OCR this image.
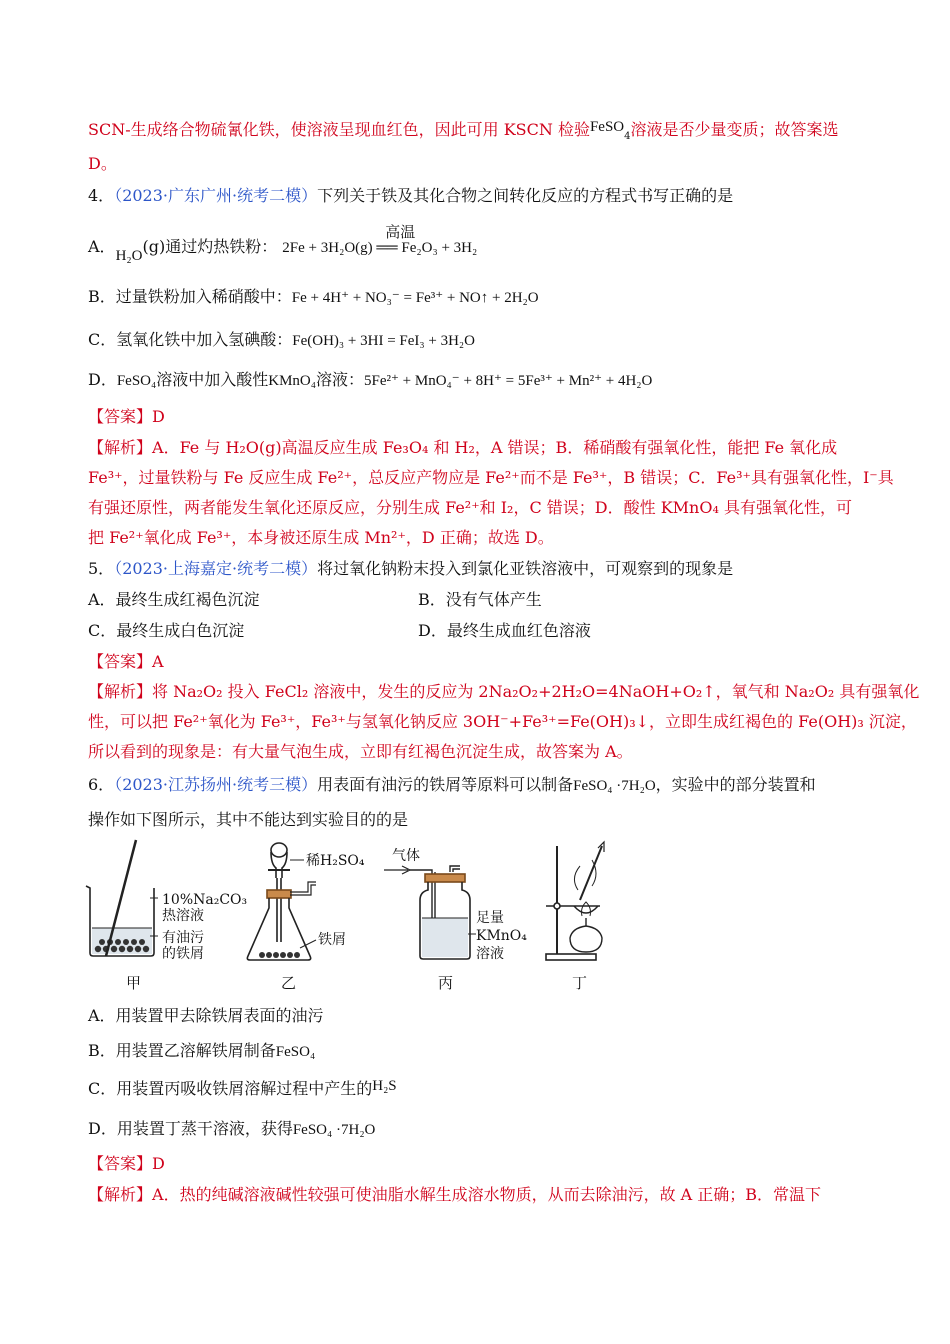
SCN-生成络合物硫氰化铁，使溶液呈现血红色，因此可用 KSCN 检验FeSO$_4$溶液是否少量变质；故答案选
D。
4．（2023·广东广州·统考二模）下列关于铁及其化合物之间转化反应的方程式书写正确的是
A．H₂O(g)通过灼热铁粉： 2Fe + 3H₂O(g) ══ Fe₂O₃ + 3H₂
高温
B．过量铁粉加入稀硝酸中：Fe + 4H⁺ + NO₃⁻ = Fe³⁺ + NO↑ + 2H₂O
C．氢氧化铁中加入氢碘酸：Fe(OH)₃ + 3HI = FeI₃ + 3H₂O
D．FeSO₄溶液中加入酸性KMnO₄溶液：5Fe²⁺ + MnO₄⁻ + 8H⁺ = 5Fe³⁺ + Mn²⁺ + 4H₂O
【答案】D
【解析】A．Fe 与 H₂O(g)高温反应生成 Fe₃O₄ 和 H₂，A 错误；B．稀硝酸有强氧化性，能把 Fe 氧化成
Fe³⁺，过量铁粉与 Fe 反应生成 Fe²⁺，总反应产物应是 Fe²⁺而不是 Fe³⁺，B 错误；C．Fe³⁺具有强氧化性，I⁻具
有强还原性，两者能发生氧化还原反应，分别生成 Fe²⁺和 I₂，C 错误；D．酸性 KMnO₄ 具有强氧化性，可
把 Fe²⁺氧化成 Fe³⁺，本身被还原生成 Mn²⁺，D 正确；故选 D。
5．（2023·上海嘉定·统考二模）将过氧化钠粉末投入到氯化亚铁溶液中，可观察到的现象是
A．最终生成红褐色沉淀	B．没有气体产生
C．最终生成白色沉淀	D．最终生成血红色溶液
【答案】A
【解析】将 Na₂O₂ 投入 FeCl₂ 溶液中，发生的反应为 2Na₂O₂+2H₂O=4NaOH+O₂↑，氧气和 Na₂O₂ 具有强氧化
性，可以把 Fe²⁺氧化为 Fe³⁺，Fe³⁺与氢氧化钠反应 3OH⁻+Fe³⁺=Fe(OH)₃↓，立即生成红褐色的 Fe(OH)₃ 沉淀，
所以看到的现象是：有大量气泡生成，立即有红褐色沉淀生成，故答案为 A。
6．（2023·江苏扬州·统考三模）用表面有油污的铁屑等原料可以制备FeSO₄ ·7H₂O，实验中的部分装置和
操作如下图所示，其中不能达到实验目的的是
10%Na₂CO₃
热溶液
有油污
的铁屑
稀H₂SO₄
铁屑
气体
足量
KMnO₄
溶液
甲	乙	丙	丁
A．用装置甲去除铁屑表面的油污
B．用装置乙溶解铁屑制备FeSO₄
C．用装置丙吸收铁屑溶解过程中产生的H₂S
D．用装置丁蒸干溶液，获得FeSO₄ ·7H₂O
【答案】D
【解析】A．热的纯碱溶液碱性较强可使油脂水解生成溶水物质，从而去除油污，故 A 正确；B．常温下
